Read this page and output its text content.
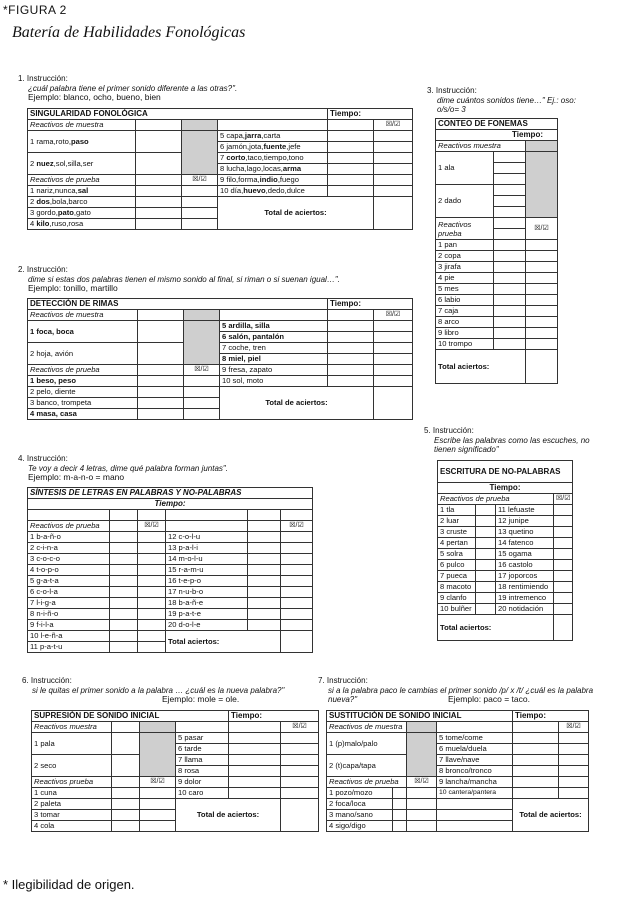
*FIGURA 2
Batería de Habilidades Fonológicas
1. Instrucción:
¿cuál palabra tiene el primer sonido diferente a las otras?".
Ejemplo: blanco, ocho, bueno, bien
SINGULARIDAD FONOLÓGICA				Tiempo:	
Reactivos de muestra					☒/☑
1 rama,roto,paso			5 capa,jarra,carta		
			6 jamón,jota,fuente,jefe		
2 nuez,sol,silla,ser			7 corto,taco,tiempo,tono		
			8 lucha,lago,locas,arma		
Reactivos de prueba		☒/☑	9 filo,forma,indio,fuego		
1 nariz,nunca,sal			10 día,huevo,dedo,dulce		
2 dos,bola,barco			Total de aciertos:		
3 gordo,pato,gato					
4 kilo,ruso,rosa					
2. Instrucción:
dime si estas dos palabras tienen el mismo sonido al final, si riman o si suenan igual…".
Ejemplo: tonillo, martillo
DETECCIÓN DE RIMAS				Tiempo:	
Reactivos de muestra					☒/☑
1 foca, boca			5 ardilla, silla		
			6 salón, pantalón		
2 hoja, avión			7 coche, tren		
			8 miel, piel		
Reactivos de prueba		☒/☑	9 fresa, zapato		
1 beso, peso			10 sol, moto		
2 pelo, diente			Total de aciertos:		
3 banco, trompeta					
4 masa, casa					
3. Instrucción:
dime cuántos sonidos tiene…" Ej.: oso: o/s/o= 3
CONTEO DE FONEMAS		
Tiempo:		
Reactivos muestra		
1 ala		

2 dado		

Reactivos prueba		☒/☑

1 pan		
2 copa		
3 jirafa		
4 pie		
5 mes		
6 labio		
7 caja		
8 arco		
9 libro		
10 trompo		
Total aciertos:		
4. Instrucción:
Te voy a decir 4 letras, dime qué palabra forman juntas".
Ejemplo: m-a-n-o = mano
SÍNTESIS DE LETRAS EN PALABRAS Y NO-PALABRAS					
Tiempo:					

Reactivos de prueba		☒/☑			☒/☑
1 b-a-ñ-o			12 c-o-l-u		
2 c-i-n-a			13 p-a-l-i		
3 c-o-c-o			14 m-o-l-u		
4 t-o-p-o			15 r-a-m-u		
5 g-a-t-a			16 t-e-p-o		
6 c-o-l-a			17 n-u-b-o		
7 l-i-g-a			18 b-a-ñ-e		
8 n-i-ñ-o			19 p-a-t-e		
9 f-i-l-a			20 d-o-l-e		
10 l-e-ñ-a			Total aciertos:		
11 p-a-t-u					
5. Instrucción:
Escribe las palabras como las escuches, no tienen significado"
ESCRITURA DE NO-PALABRAS			
Tiempo:			
Reactivos de prueba			☒/☑
1 tla		11 lefuaste	
2 luar		12 junipe	
3 cruste		13 quetino	
4 pertan		14 fatenco	
5 solra		15 ogama	
6 pulco		16 castolo	
7 pueca		17 joporcos	
8 macoto		18 rentimiendo	
9 clanfo		19 intremenco	
10 bulñer		20 notidación	
Total aciertos:			
6. Instrucción:
si le quitas el primer sonido a la palabra … ¿cuál es la nueva palabra?"
Ejemplo: mole = ole.
SUPRESIÓN DE SONIDO INICIAL				Tiempo:	
Reactivos muestra					☒/☑
1 pala			5 pasar		
			6 tarde		
2 seco			7 llama		
			8 rosa		
Reactivos prueba		☒/☑	9 dolor		
1 cuna			10 caro		
2 paleta			Total de aciertos:		
3 tomar					
4 cola					
7. Instrucción:
si a la palabra paco le cambias el primer sonido /p/ x /t/ ¿cuál es la palabra nueva?"	Ejemplo: paco = taco.
SUSTITUCIÓN DE SONIDO INICIAL				Tiempo:	
Reactivos de muestra					☒/☑
1 (p)malo/palo			5 tome/come		
			6 muela/duela		
2 (t)capa/tapa			7 llave/nave		
			8 bronco/tronco		
Reactivos de prueba		☒/☑	9 lancha/mancha		
1 pozo/mozo			10 cantera/pantera		
2 foca/loca				Total de aciertos:	
3 mano/sano					
4 sigo/digo					
* Ilegibilidad de origen.
